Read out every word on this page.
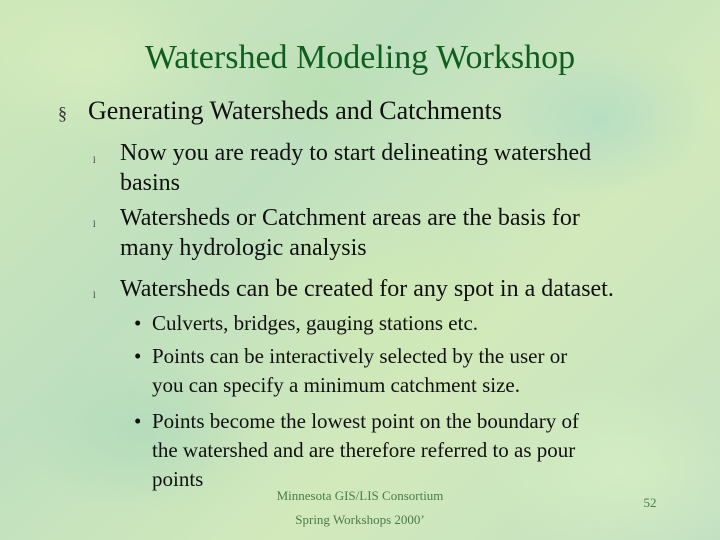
Watershed Modeling Workshop
§ Generating Watersheds and Catchments
l Now you are ready to start delineating watershed
basins
l Watersheds or Catchment areas are the basis for
many hydrologic analysis
l Watersheds can be created for any spot in a dataset.
• Culverts, bridges, gauging stations etc.
• Points can be interactively selected by the user or
you can specify a minimum catchment size.
• Points become the lowest point on the boundary of
the watershed and are therefore referred to as pour
points
Minnesota GIS/LIS Consortium
Spring Workshops 2000’
52
